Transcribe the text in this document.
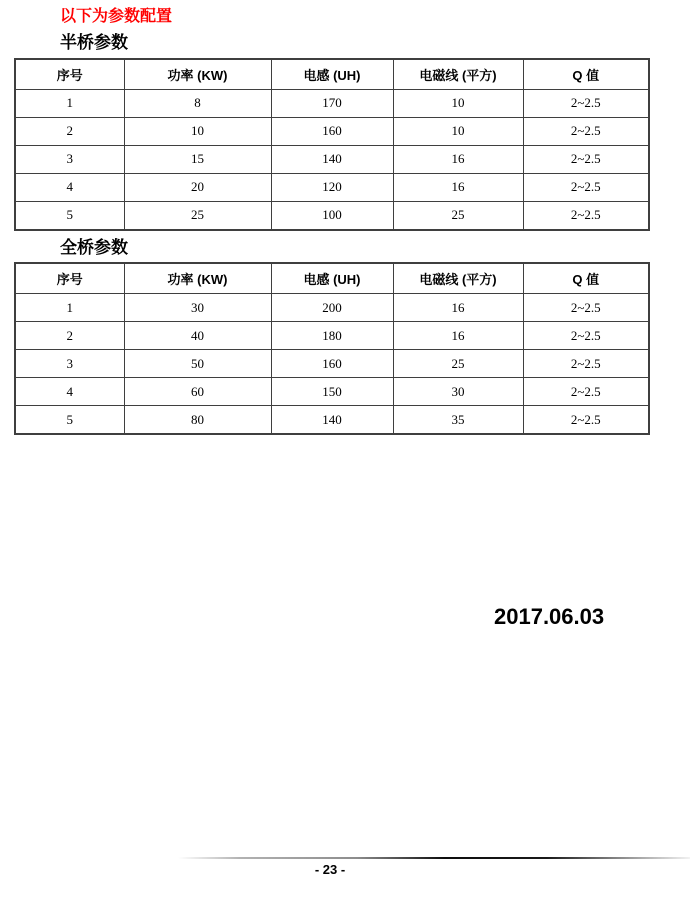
以下为参数配置
半桥参数
序号	功率 (KW)	电感 (UH)	电磁线 (平方)	Q 值
1	8	170	10	2~2.5
2	10	160	10	2~2.5
3	15	140	16	2~2.5
4	20	120	16	2~2.5
5	25	100	25	2~2.5
全桥参数
序号	功率 (KW)	电感 (UH)	电磁线 (平方)	Q 值
1	30	200	16	2~2.5
2	40	180	16	2~2.5
3	50	160	25	2~2.5
4	60	150	30	2~2.5
5	80	140	35	2~2.5
2017.06.03
- 23 -
